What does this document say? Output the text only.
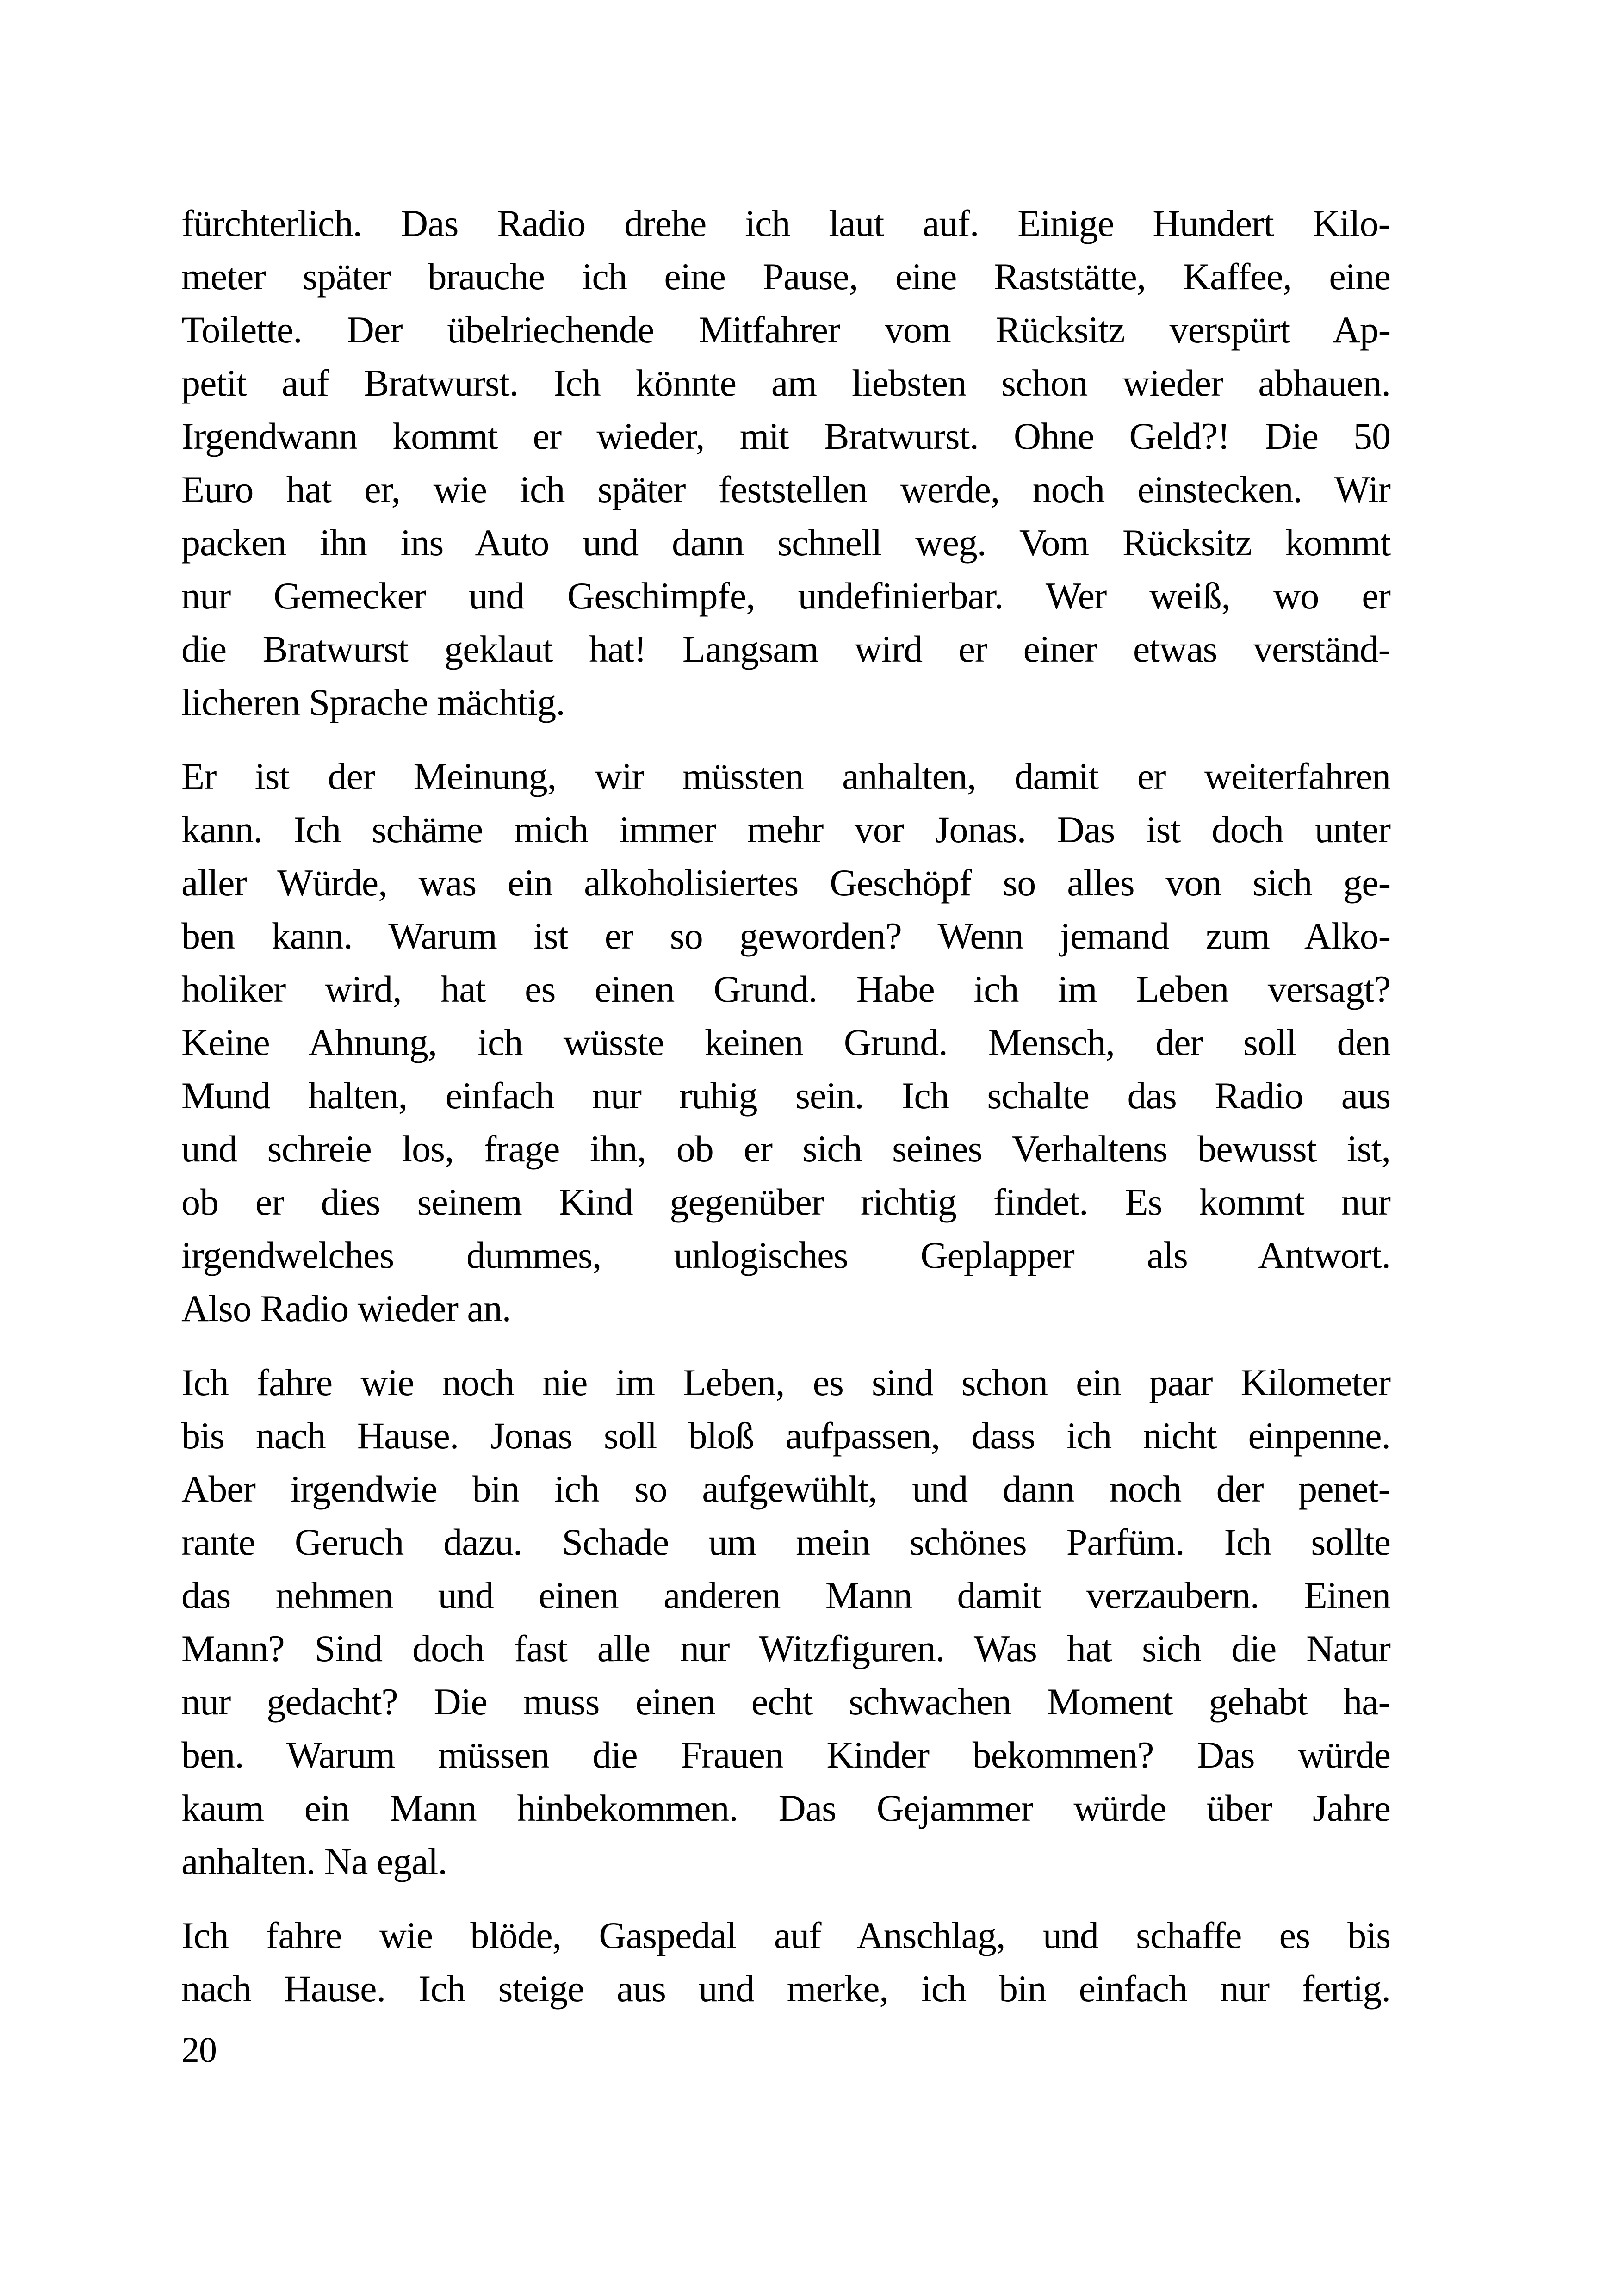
fürchterlich. Das Radio drehe ich laut auf. Einige Hundert Kilo-
meter später brauche ich eine Pause, eine Raststätte, Kaffee, eine
Toilette. Der übelriechende Mitfahrer vom Rücksitz verspürt Ap-
petit auf Bratwurst. Ich könnte am liebsten schon wieder abhauen.
Irgendwann kommt er wieder, mit Bratwurst. Ohne Geld?! Die 50
Euro hat er, wie ich später feststellen werde, noch einstecken. Wir
packen ihn ins Auto und dann schnell weg. Vom Rücksitz kommt
nur Gemecker und Geschimpfe, undefinierbar. Wer weiß, wo er
die Bratwurst geklaut hat! Langsam wird er einer etwas verständ-
licheren Sprache mächtig.

Er ist der Meinung, wir müssten anhalten, damit er weiterfahren
kann. Ich schäme mich immer mehr vor Jonas. Das ist doch unter
aller Würde, was ein alkoholisiertes Geschöpf so alles von sich ge-
ben kann. Warum ist er so geworden? Wenn jemand zum Alko-
holiker wird, hat es einen Grund. Habe ich im Leben versagt?
Keine Ahnung, ich wüsste keinen Grund. Mensch, der soll den
Mund halten, einfach nur ruhig sein. Ich schalte das Radio aus
und schreie los, frage ihn, ob er sich seines Verhaltens bewusst ist,
ob er dies seinem Kind gegenüber richtig findet. Es kommt nur
irgendwelches dummes, unlogisches Geplapper als Antwort.
Also Radio wieder an.

Ich fahre wie noch nie im Leben, es sind schon ein paar Kilometer
bis nach Hause. Jonas soll bloß aufpassen, dass ich nicht einpenne.
Aber irgendwie bin ich so aufgewühlt, und dann noch der penet-
rante Geruch dazu. Schade um mein schönes Parfüm. Ich sollte
das nehmen und einen anderen Mann damit verzaubern. Einen
Mann? Sind doch fast alle nur Witzfiguren. Was hat sich die Natur
nur gedacht? Die muss einen echt schwachen Moment gehabt ha-
ben. Warum müssen die Frauen Kinder bekommen? Das würde
kaum ein Mann hinbekommen. Das Gejammer würde über Jahre
anhalten. Na egal.

Ich fahre wie blöde, Gaspedal auf Anschlag, und schaffe es bis
nach Hause. Ich steige aus und merke, ich bin einfach nur fertig.

20
